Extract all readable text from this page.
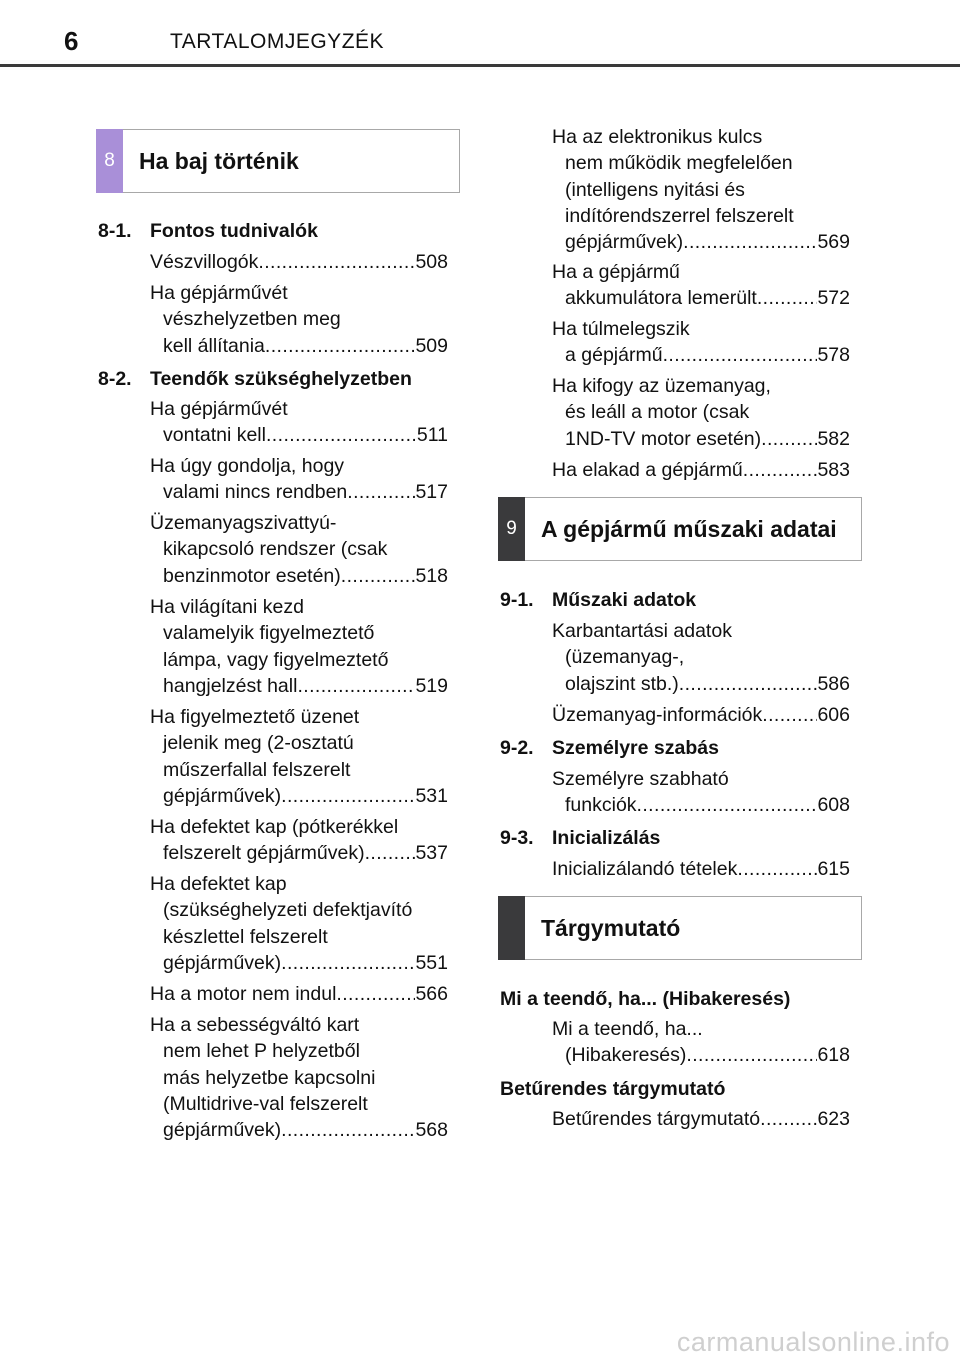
6	TARTALOMJEGYZÉK
8	Ha baj történik
8-1. Fontos tudnivalók
Vészvillogók .....	508
Ha gépjárművét
vészhelyzetben meg
kell állítania .....	509
8-2. Teendők szükséghelyzetben
Ha gépjárművét
vontatni kell .....	511
Ha úgy gondolja, hogy
valami nincs rendben .....	517
Üzemanyagszivattyú-
kikapcsoló rendszer (csak
benzinmotor esetén) .....	518
Ha világítani kezd
valamelyik figyelmeztető
lámpa, vagy figyelmeztető
hangjelzést hall .....	519
Ha figyelmeztető üzenet
jelenik meg (2-osztatú
műszerfallal felszerelt
gépjárművek) .....	531
Ha defektet kap (pótkerékkel
felszerelt gépjárművek) .....	537
Ha defektet kap
(szükséghelyzeti defektjavító
készlettel felszerelt
gépjárművek) .....	551
Ha a motor nem indul .....	566
Ha a sebességváltó kart
nem lehet P helyzetből
más helyzetbe kapcsolni
(Multidrive-val felszerelt
gépjárművek) .....	568
Ha az elektronikus kulcs
nem működik megfelelően
(intelligens nyitási és
indítórendszerrel felszerelt
gépjárművek) .....	569
Ha a gépjármű
akkumulátora lemerült .....	572
Ha túlmelegszik
a gépjármű .....	578
Ha kifogy az üzemanyag,
és leáll a motor (csak
1ND-TV motor esetén) .....	582
Ha elakad a gépjármű .....	583
9	A gépjármű műszaki adatai
9-1. Műszaki adatok
Karbantartási adatok
(üzemanyag-,
olajszint stb.) .....	586
Üzemanyag-információk .....	606
9-2. Személyre szabás
Személyre szabható
funkciók .....	608
9-3. Inicializálás
Inicializálandó tételek .....	615
Tárgymutató
Mi a teendő, ha... (Hibakeresés)
Mi a teendő, ha...
(Hibakeresés) .....	618
Betűrendes tárgymutató
Betűrendes tárgymutató .....	623
carmanualsonline.info
